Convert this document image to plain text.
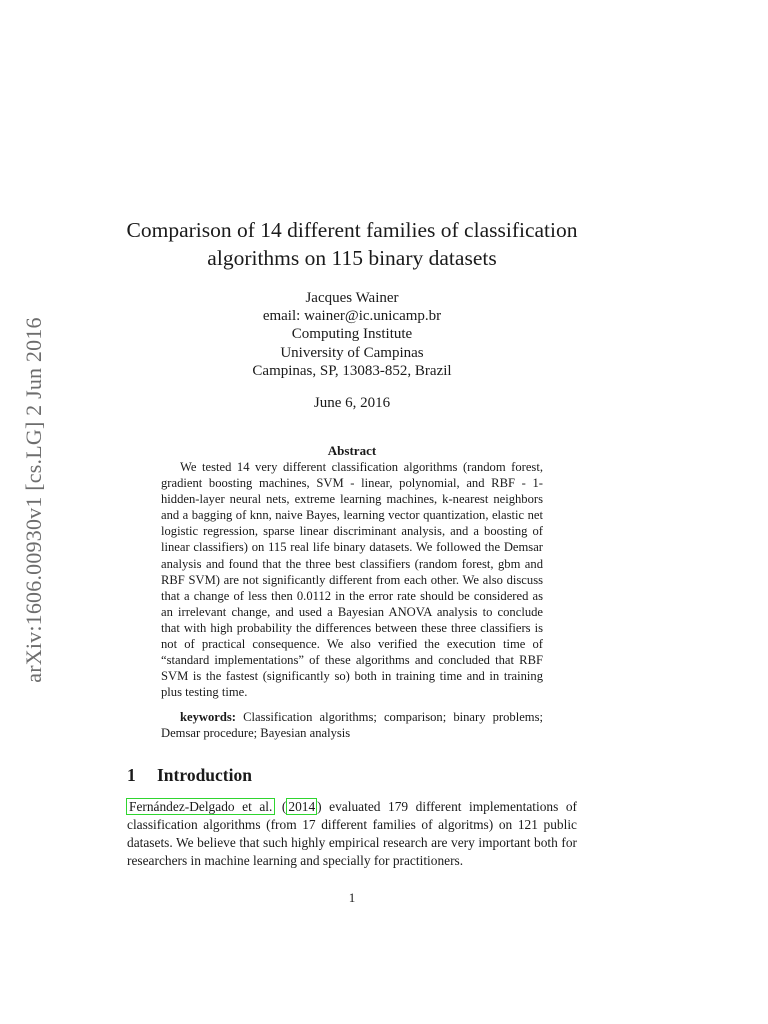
arXiv:1606.00930v1 [cs.LG] 2 Jun 2016
Comparison of 14 different families of classification
algorithms on 115 binary datasets
Jacques Wainer
email: wainer@ic.unicamp.br
Computing Institute
University of Campinas
Campinas, SP, 13083-852, Brazil
June 6, 2016
Abstract

We tested 14 very different classification algorithms (random forest, gradient boosting machines, SVM - linear, polynomial, and RBF - 1-hidden-layer neural nets, extreme learning machines, k-nearest neighbors and a bagging of knn, naive Bayes, learning vector quantization, elastic net logistic regression, sparse linear discriminant analysis, and a boosting of linear classifiers) on 115 real life binary datasets. We followed the Demsar analysis and found that the three best classifiers (random forest, gbm and RBF SVM) are not significantly different from each other. We also discuss that a change of less then 0.0112 in the error rate should be considered as an irrelevant change, and used a Bayesian ANOVA analysis to conclude that with high probability the differences between these three classifiers is not of practical consequence. We also verified the execution time of “standard implementations” of these algorithms and concluded that RBF SVM is the fastest (significantly so) both in training time and in training plus testing time.

keywords: Classification algorithms; comparison; binary problems; Demsar procedure; Bayesian analysis

1 Introduction

Fernández-Delgado et al. ( 2014 ) evaluated 179 different implementations of classification algorithms (from 17 different families of algoritms) on 121 public datasets. We believe that such highly empirical research are very important both for researchers in machine learning and specially for practitioners.

1
